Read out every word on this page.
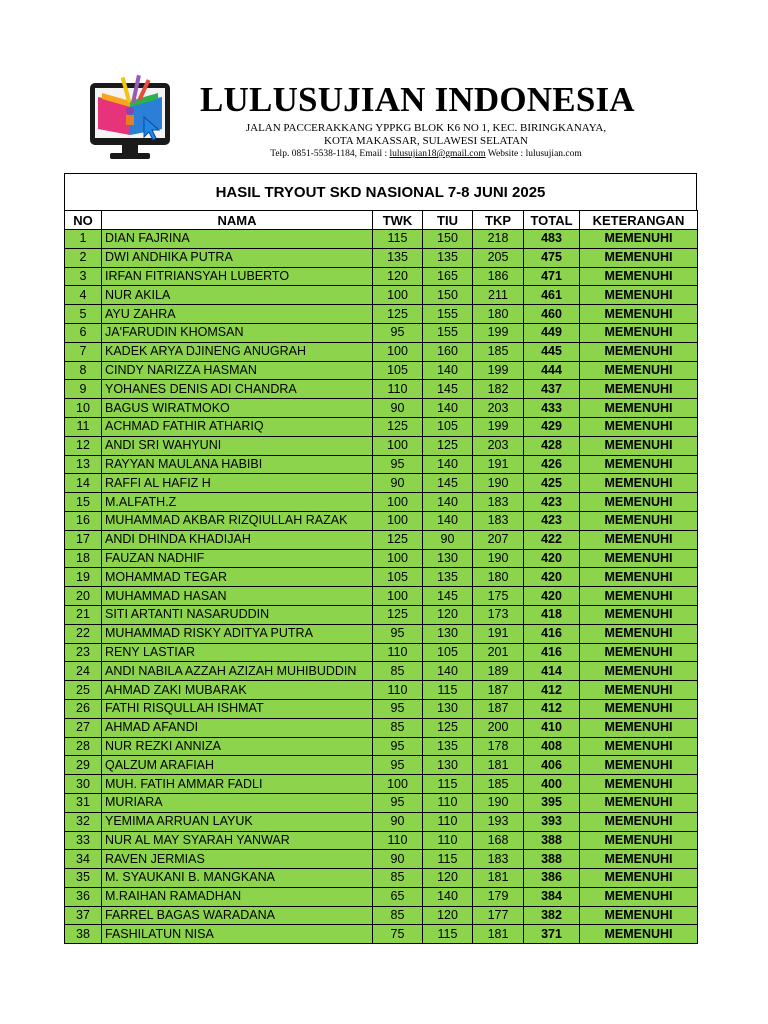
LULUSUJIAN INDONESIA
JALAN PACCERAKKANG YPPKG BLOK K6 NO 1, KEC. BIRINGKANAYA,
KOTA MAKASSAR, SULAWESI SELATAN
Telp. 0851-5538-1184, Email : lulusujian18@gmail.com Website : lulusujian.com
HASIL TRYOUT SKD NASIONAL 7-8 JUNI 2025
NO	NAMA	TWK	TIU	TKP	TOTAL	KETERANGAN
1	DIAN FAJRINA	115	150	218	483	MEMENUHI
2	DWI ANDHIKA PUTRA	135	135	205	475	MEMENUHI
3	IRFAN FITRIANSYAH LUBERTO	120	165	186	471	MEMENUHI
4	NUR AKILA	100	150	211	461	MEMENUHI
5	AYU ZAHRA	125	155	180	460	MEMENUHI
6	JA'FARUDIN KHOMSAN	95	155	199	449	MEMENUHI
7	KADEK ARYA DJINENG ANUGRAH	100	160	185	445	MEMENUHI
8	CINDY NARIZZA HASMAN	105	140	199	444	MEMENUHI
9	YOHANES DENIS ADI CHANDRA	110	145	182	437	MEMENUHI
10	BAGUS WIRATMOKO	90	140	203	433	MEMENUHI
11	ACHMAD FATHIR ATHARIQ	125	105	199	429	MEMENUHI
12	ANDI SRI WAHYUNI	100	125	203	428	MEMENUHI
13	RAYYAN MAULANA HABIBI	95	140	191	426	MEMENUHI
14	RAFFI AL HAFIZ H	90	145	190	425	MEMENUHI
15	M.ALFATH.Z	100	140	183	423	MEMENUHI
16	MUHAMMAD AKBAR RIZQIULLAH RAZAK	100	140	183	423	MEMENUHI
17	ANDI DHINDA KHADIJAH	125	90	207	422	MEMENUHI
18	FAUZAN NADHIF	100	130	190	420	MEMENUHI
19	MOHAMMAD TEGAR	105	135	180	420	MEMENUHI
20	MUHAMMAD HASAN	100	145	175	420	MEMENUHI
21	SITI ARTANTI NASARUDDIN	125	120	173	418	MEMENUHI
22	MUHAMMAD RISKY ADITYA PUTRA	95	130	191	416	MEMENUHI
23	RENY LASTIAR	110	105	201	416	MEMENUHI
24	ANDI NABILA AZZAH AZIZAH MUHIBUDDIN	85	140	189	414	MEMENUHI
25	AHMAD ZAKI MUBARAK	110	115	187	412	MEMENUHI
26	FATHI RISQULLAH ISHMAT	95	130	187	412	MEMENUHI
27	AHMAD AFANDI	85	125	200	410	MEMENUHI
28	NUR REZKI ANNIZA	95	135	178	408	MEMENUHI
29	QALZUM ARAFIAH	95	130	181	406	MEMENUHI
30	MUH. FATIH AMMAR FADLI	100	115	185	400	MEMENUHI
31	MURIARA	95	110	190	395	MEMENUHI
32	YEMIMA ARRUAN LAYUK	90	110	193	393	MEMENUHI
33	NUR AL MAY SYARAH YANWAR	110	110	168	388	MEMENUHI
34	RAVEN JERMIAS	90	115	183	388	MEMENUHI
35	M. SYAUKANI B. MANGKANA	85	120	181	386	MEMENUHI
36	M.RAIHAN RAMADHAN	65	140	179	384	MEMENUHI
37	FARREL BAGAS WARADANA	85	120	177	382	MEMENUHI
38	FASHILATUN NISA	75	115	181	371	MEMENUHI
